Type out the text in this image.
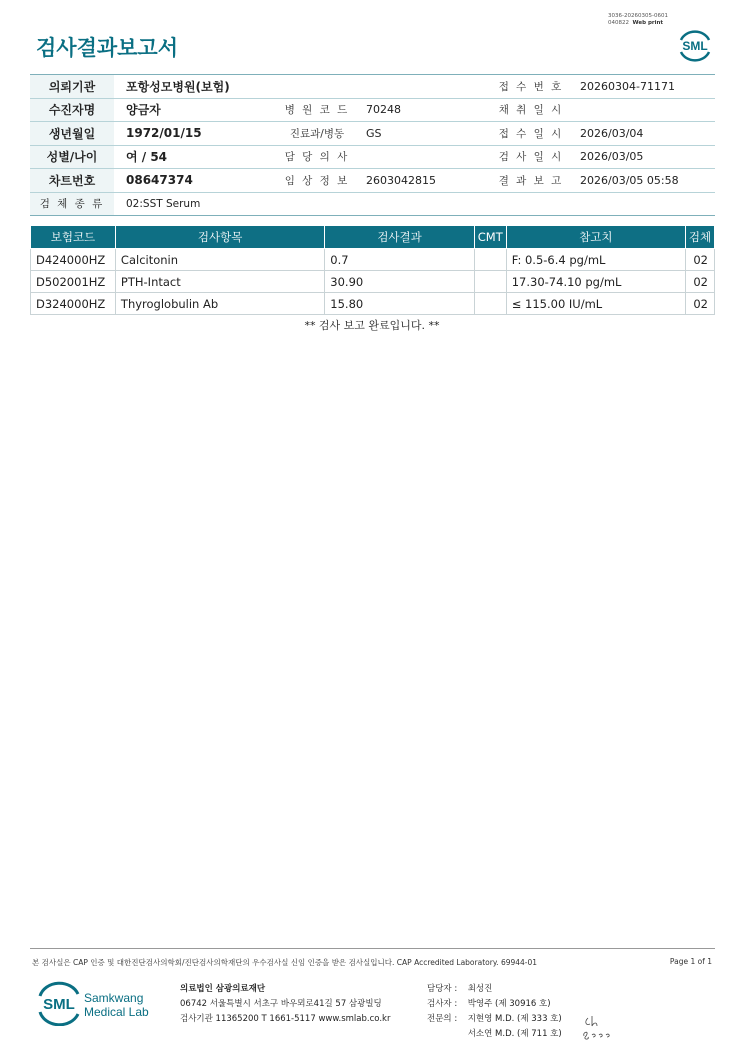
검사결과보고서
3036-20260305-0601
040822 Web print
SML
의뢰기관	포항성모병원(보험)			접 수 번 호	20260304-71171
수진자명	양금자	병 원 코 드	70248	채 취 일 시	
생년월일	1972/01/15	진료과/병동	GS	접 수 일 시	2026/03/04
성별/나이	여 / 54	담 당 의 사		검 사 일 시	2026/03/05
차트번호	08647374	임 상 정 보	2603042815	결 과 보 고	2026/03/05 05:58
검 체 종 류	02:SST Serum				
보험코드	검사항목	검사결과	CMT	참고치	검체
D424000HZ	Calcitonin	0.7		F: 0.5-6.4 pg/mL	02
D502001HZ	PTH-Intact	30.90		17.30-74.10 pg/mL	02
D324000HZ	Thyroglobulin Ab	15.80		≤ 115.00 IU/mL	02
** 검사 보고 완료입니다. **
본 검사실은 CAP 인증 및 대한진단검사의학회/진단검사의학재단의 우수검사실 신임 인증을 받은 검사실입니다. CAP Accredited Laboratory. 69944-01	Page 1 of 1
SML Samkwang
Medical Lab
의료법인 삼광의료재단
06742 서울특별시 서초구 바우뫼로41길 57 삼광빌딩
검사기관 11365200 T 1661-5117 www.smlab.co.kr
담당자 : 최성진
검사자 : 박영주 (제 30916 호)
전문의 : 지현영 M.D. (제 333 호)
서소연 M.D. (제 711 호)
